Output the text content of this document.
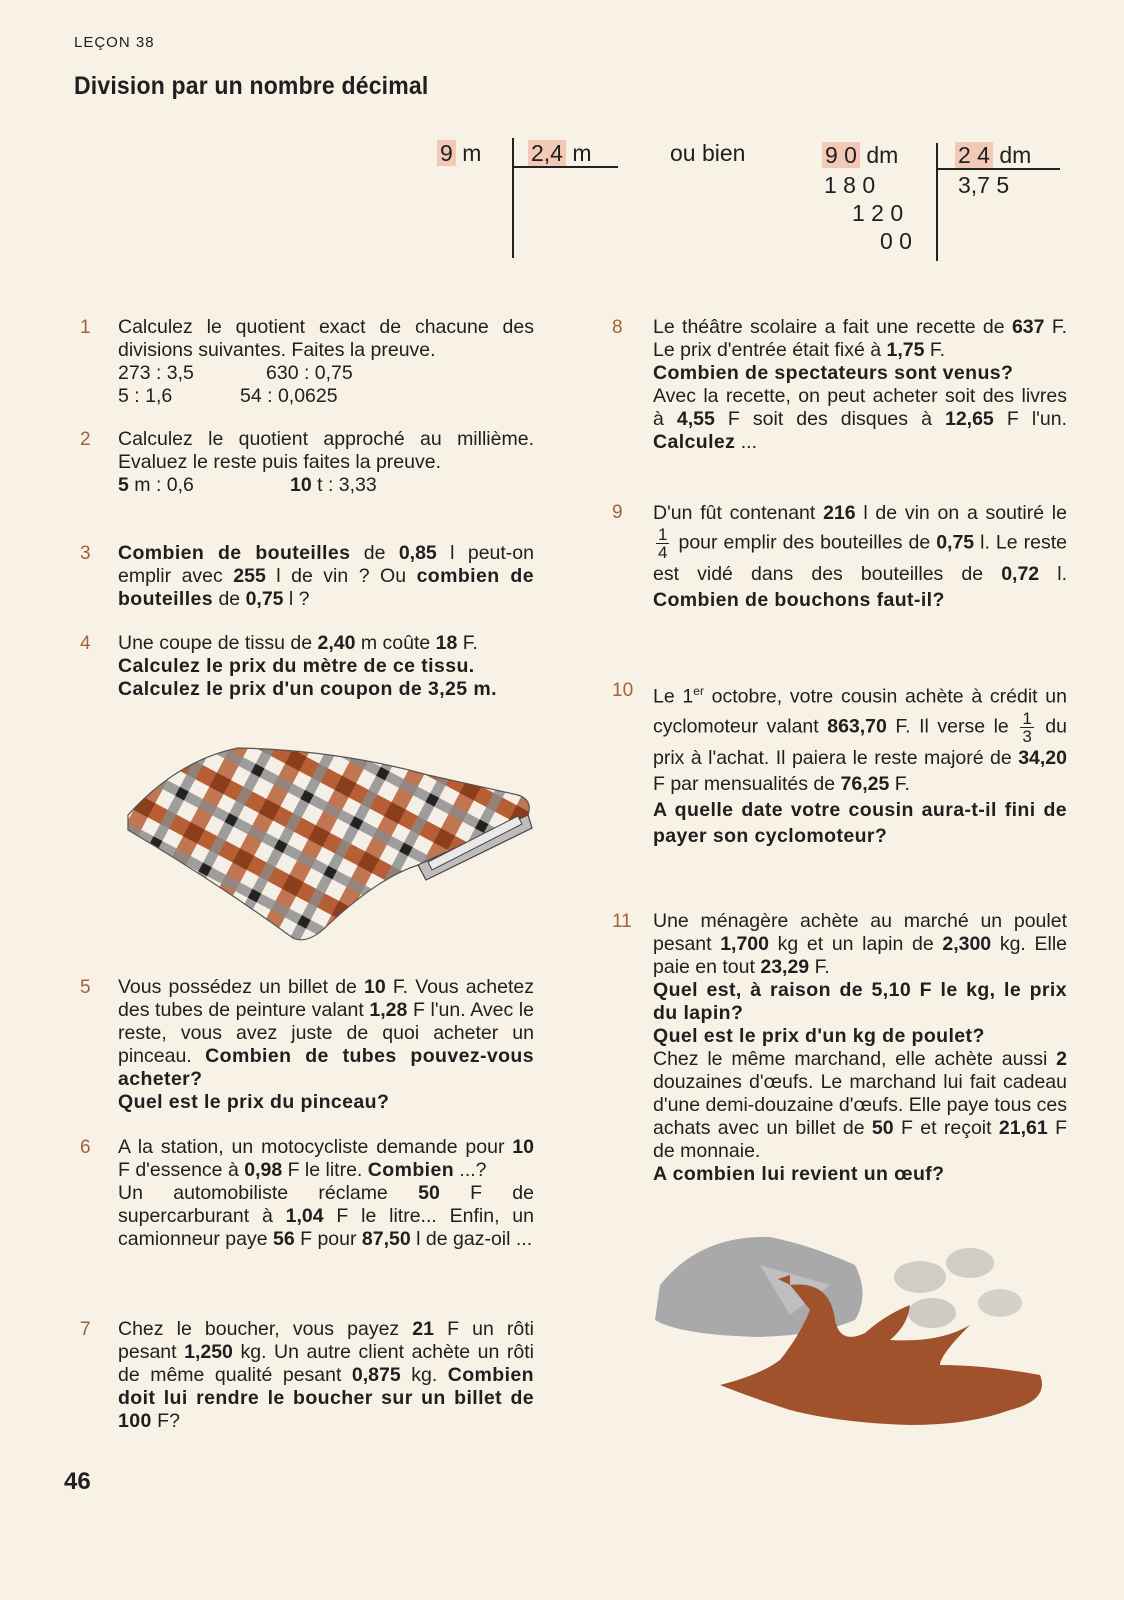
LEÇON 38
Division par un nombre décimal
9 m 2,4 m	ou bien	9 0 dm	2 4 dm
3,7 5
1 8 0
1 2 0
0 0
1 Calculez le quotient exact de chacune des divisions suivantes. Faites la preuve.
273 : 3,5	630 : 0,75
5 : 1,6	54 : 0,0625
2 Calculez le quotient approché au millième. Evaluez le reste puis faites la preuve.
5 m : 0,6	10 t : 3,33
3 Combien de bouteilles de 0,85 l peut-on emplir avec 255 l de vin ? Ou combien de bouteilles de 0,75 l ?
4 Une coupe de tissu de 2,40 m coûte 18 F.
Calculez le prix du mètre de ce tissu.
Calculez le prix d'un coupon de 3,25 m.
5 Vous possédez un billet de 10 F. Vous achetez des tubes de peinture valant 1,28 F l'un. Avec le reste, vous avez juste de quoi acheter un pinceau. Combien de tubes pouvez-vous acheter?
Quel est le prix du pinceau?
6 A la station, un motocycliste demande pour 10 F d'essence à 0,98 F le litre. Combien ...?
Un automobiliste réclame 50 F de supercarburant à 1,04 F le litre... Enfin, un camionneur paye 56 F pour 87,50 l de gaz-oil ...
7 Chez le boucher, vous payez 21 F un rôti pesant 1,250 kg. Un autre client achète un rôti de même qualité pesant 0,875 kg. Combien doit lui rendre le boucher sur un billet de 100 F?
8 Le théâtre scolaire a fait une recette de 637 F. Le prix d'entrée était fixé à 1,75 F.
Combien de spectateurs sont venus?
Avec la recette, on peut acheter soit des livres à 4,55 F soit des disques à 12,65 F l'un. Calculez ...
9 D'un fût contenant 216 l de vin on a soutiré le
$\frac{1}{4}$ pour emplir des bouteilles de 0,75 l. Le reste est vidé dans des bouteilles de 0,72 l. Combien de bouchons faut-il?
10 Le 1er octobre, votre cousin achète à crédit un cyclomoteur valant 863,70 F. Il verse le $\frac{1}{3}$ du prix à l'achat. Il paiera le reste majoré de 34,20 F par mensualités de 76,25 F.
A quelle date votre cousin aura-t-il fini de payer son cyclomoteur?
11 Une ménagère achète au marché un poulet pesant 1,700 kg et un lapin de 2,300 kg. Elle paie en tout 23,29 F.
Quel est, à raison de 5,10 F le kg, le prix du lapin?
Quel est le prix d'un kg de poulet?
Chez le même marchand, elle achète aussi 2 douzaines d'œufs. Le marchand lui fait cadeau d'une demi-douzaine d'œufs. Elle paye tous ces achats avec un billet de 50 F et reçoit 21,61 F de monnaie.
A combien lui revient un œuf?
46
